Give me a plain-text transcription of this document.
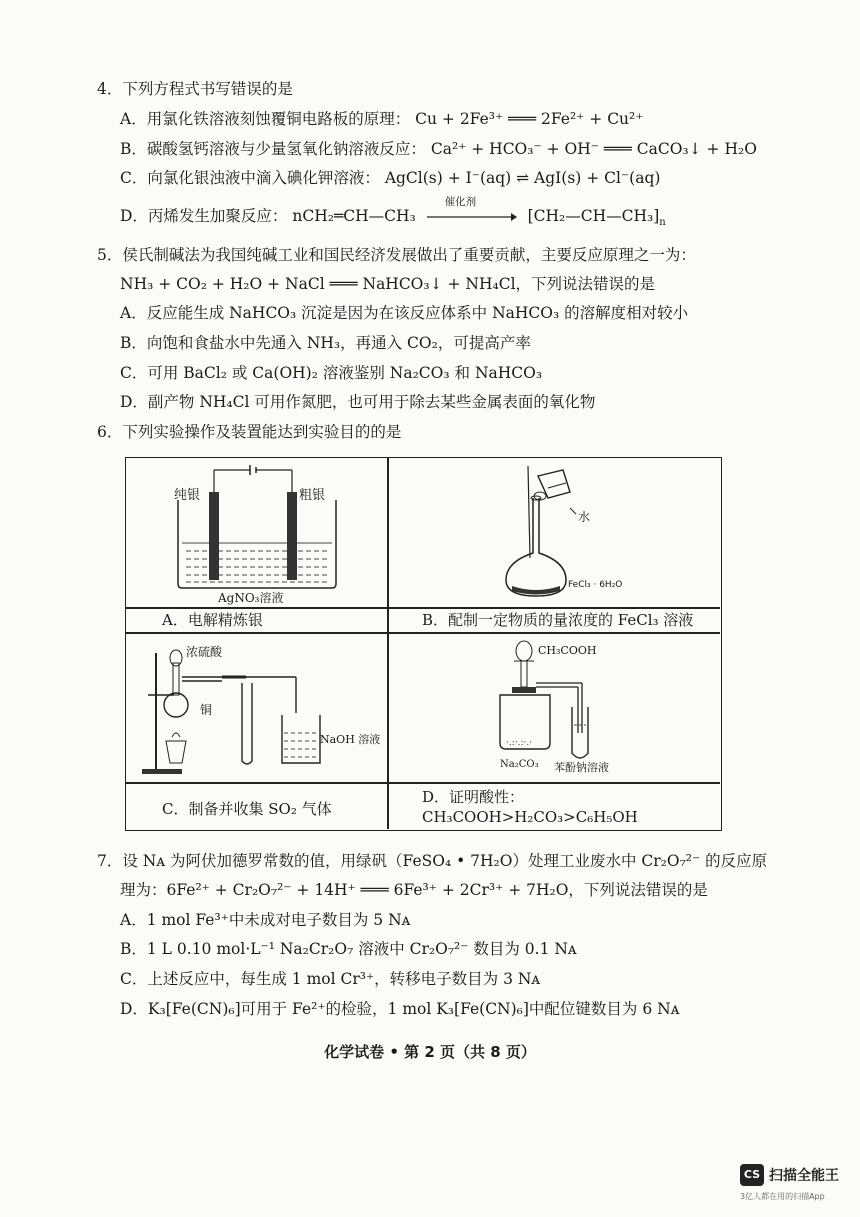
4．下列方程式书写错误的是
A．用氯化铁溶液刻蚀覆铜电路板的原理： Cu + 2Fe³⁺ ═══ 2Fe²⁺ + Cu²⁺
B．碳酸氢钙溶液与少量氢氧化钠溶液反应： Ca²⁺ + HCO₃⁻ + OH⁻ ═══ CaCO₃↓ + H₂O
C．向氯化银浊液中滴入碘化钾溶液： AgCl(s) + I⁻(aq) ⇌ AgI(s) + Cl⁻(aq)
D．丙烯发生加聚反应： nCH₂═CH—CH₃
催化剂
$[CH_2—CH—CH_3]_n$
5．侯氏制碱法为我国纯碱工业和国民经济发展做出了重要贡献，主要反应原理之一为：
NH₃ + CO₂ + H₂O + NaCl ═══ NaHCO₃↓ + NH₄Cl，下列说法错误的是
A．反应能生成 NaHCO₃ 沉淀是因为在该反应体系中 NaHCO₃ 的溶解度相对较小
B．向饱和食盐水中先通入 NH₃，再通入 CO₂，可提高产率
C．可用 BaCl₂ 或 Ca(OH)₂ 溶液鉴别 Na₂CO₃ 和 NaHCO₃
D．副产物 NH₄Cl 可用作氮肥，也可用于除去某些金属表面的氧化物
6．下列实验操作及装置能达到实验目的的是
纯银	粗银
AgNO₃溶液
A．电解精炼银
水
FeCl₃ · 6H₂O
B．配制一定物质的量浓度的 FeCl₃ 溶液
浓硫酸
铜
NaOH 溶液
C．制备并收集 SO₂ 气体
·.:·.:·.·
CH₃COOH
Na₂CO₃ 苯酚钠溶液
D．证明酸性：
CH₃COOH>H₂CO₃>C₆H₅OH
7．设 Nᴀ 为阿伏加德罗常数的值，用绿矾（FeSO₄ • 7H₂O）处理工业废水中 Cr₂O₇²⁻ 的反应原
理为：6Fe²⁺ + Cr₂O₇²⁻ + 14H⁺ ═══ 6Fe³⁺ + 2Cr³⁺ + 7H₂O，下列说法错误的是
A．1 mol Fe³⁺中未成对电子数目为 5 Nᴀ
B．1 L 0.10 mol·L⁻¹ Na₂Cr₂O₇ 溶液中 Cr₂O₇²⁻ 数目为 0.1 Nᴀ
C．上述反应中，每生成 1 mol Cr³⁺，转移电子数目为 3 Nᴀ
D．K₃[Fe(CN)₆]可用于 Fe²⁺的检验，1 mol K₃[Fe(CN)₆]中配位键数目为 6 Nᴀ
化学试卷 • 第 2 页（共 8 页）
CS 扫描全能王
3亿人都在用的扫描App
